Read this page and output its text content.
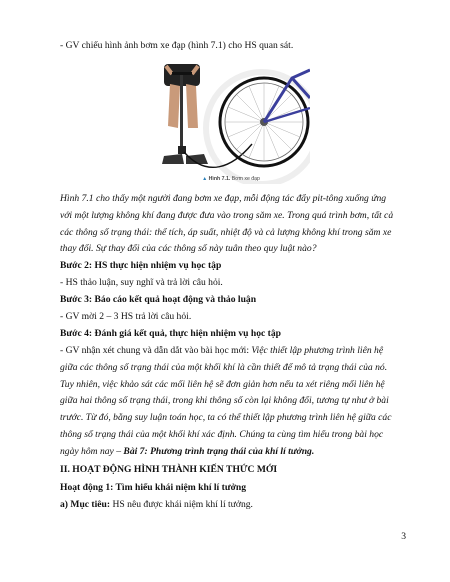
- GV chiếu hình ảnh bơm xe đạp (hình 7.1) cho HS quan sát.

▲ Hình 7.1. Bơm xe đạp

Hình 7.1 cho thấy một người đang bơm xe đạp, mỗi động tác đẩy pit-tông xuống ứng với một lượng không khí đang được đưa vào trong săm xe. Trong quá trình bơm, tất cả các thông số trạng thái: thể tích, áp suất, nhiệt độ và cả lượng không khí trong săm xe thay đổi. Sự thay đổi của các thông số này tuân theo quy luật nào?

Bước 2: HS thực hiện nhiệm vụ học tập

- HS thảo luận, suy nghĩ và trả lời câu hỏi.

Bước 3: Báo cáo kết quả hoạt động và thảo luận

- GV mời 2 – 3 HS trả lời câu hỏi.

Bước 4: Đánh giá kết quả, thực hiện nhiệm vụ học tập

- GV nhận xét chung và dẫn dắt vào bài học mới: Việc thiết lập phương trình liên hệ giữa các thông số trạng thái của một khối khí là cần thiết để mô tả trạng thái của nó. Tuy nhiên, việc khảo sát các mối liên hệ sẽ đơn giản hơn nếu ta xét riêng mối liên hệ giữa hai thông số trạng thái, trong khi thông số còn lại không đổi, tương tự như ở bài trước. Từ đó, bằng suy luận toán học, ta có thể thiết lập phương trình liên hệ giữa các thông số trạng thái của một khối khí xác định. Chúng ta cùng tìm hiểu trong bài học ngày hôm nay – Bài 7: Phương trình trạng thái của khí lí tưởng.

II. HOẠT ĐỘNG HÌNH THÀNH KIẾN THỨC MỚI

Hoạt động 1: Tìm hiểu khái niệm khí lí tưởng

a) Mục tiêu: HS nêu được khái niệm khí lí tưởng.

3
